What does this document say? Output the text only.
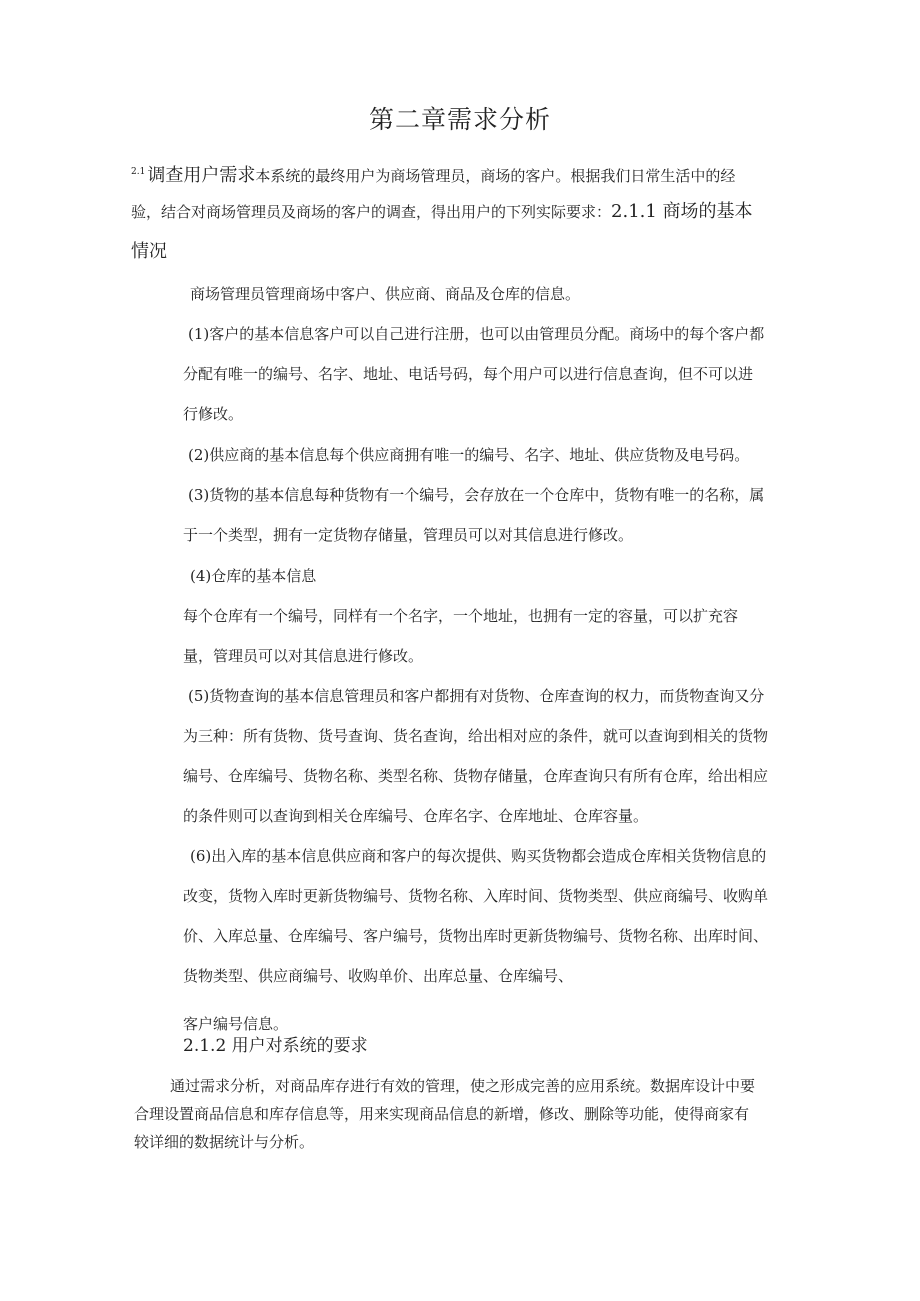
第二章需求分析
$^{2.1}$ 调查用户需求本系统的最终用户为商场管理员，商场的客户。根据我们日常生活中的经
验，结合对商场管理员及商场的客户的调查，得出用户的下列实际要求：2.1.1 商场的基本
情况
商场管理员管理商场中客户、供应商、商品及仓库的信息。
(1)客户的基本信息客户可以自己进行注册，也可以由管理员分配。商场中的每个客户都
分配有唯一的编号、名字、地址、电话号码，每个用户可以进行信息查询，但不可以进
行修改。
(2)供应商的基本信息每个供应商拥有唯一的编号、名字、地址、供应货物及电号码。
(3)货物的基本信息每种货物有一个编号，会存放在一个仓库中，货物有唯一的名称，属
于一个类型，拥有一定货物存储量，管理员可以对其信息进行修改。
(4)仓库的基本信息
每个仓库有一个编号，同样有一个名字，一个地址，也拥有一定的容量，可以扩充容
量，管理员可以对其信息进行修改。
(5)货物查询的基本信息管理员和客户都拥有对货物、仓库查询的权力，而货物查询又分
为三种：所有货物、货号查询、货名查询，给出相对应的条件，就可以查询到相关的货物
编号、仓库编号、货物名称、类型名称、货物存储量，仓库查询只有所有仓库，给出相应
的条件则可以查询到相关仓库编号、仓库名字、仓库地址、仓库容量。
(6)出入库的基本信息供应商和客户的每次提供、购买货物都会造成仓库相关货物信息的
改变，货物入库时更新货物编号、货物名称、入库时间、货物类型、供应商编号、收购单
价、入库总量、仓库编号、客户编号，货物出库时更新货物编号、货物名称、出库时间、
货物类型、供应商编号、收购单价、出库总量、仓库编号、
客户编号信息。
2.1.2 用户对系统的要求
通过需求分析，对商品库存进行有效的管理，使之形成完善的应用系统。数据库设计中要
合理设置商品信息和库存信息等，用来实现商品信息的新增，修改、删除等功能，使得商家有
较详细的数据统计与分析。
